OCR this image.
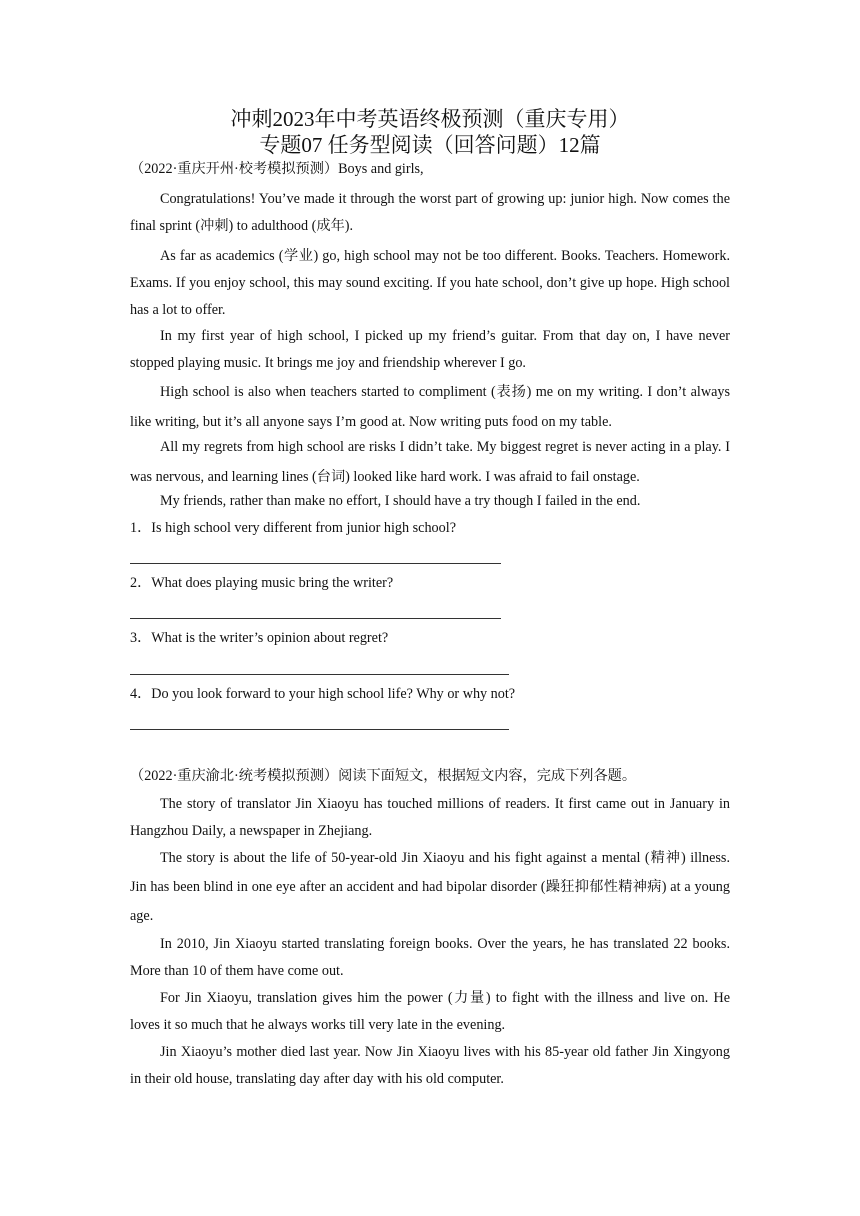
冲刺2023年中考英语终极预测（重庆专用）
专题07 任务型阅读（回答问题）12篇
（2022·重庆开州·校考模拟预测）Boys and girls,
Congratulations! You’ve made it through the worst part of growing up: junior high. Now comes the final sprint (冲刺) to adulthood (成年).
As far as academics (学业) go, high school may not be too different. Books. Teachers. Homework. Exams. If you enjoy school, this may sound exciting. If you hate school, don’t give up hope. High school has a lot to offer.
In my first year of high school, I picked up my friend’s guitar. From that day on, I have never stopped playing music. It brings me joy and friendship wherever I go.
High school is also when teachers started to compliment (表扬) me on my writing. I don’t always like writing, but it’s all anyone says I’m good at. Now writing puts food on my table.
All my regrets from high school are risks I didn’t take. My biggest regret is never acting in a play. I was nervous, and learning lines (台词) looked like hard work. I was afraid to fail onstage.
My friends, rather than make no effort, I should have a try though I failed in the end.
1．Is high school very different from junior high school?
2．What does playing music bring the writer?
3．What is the writer’s opinion about regret?
4．Do you look forward to your high school life? Why or why not?
（2022·重庆渝北·统考模拟预测）阅读下面短文，根据短文内容，完成下列各题。
The story of translator Jin Xiaoyu has touched millions of readers. It first came out in January in Hangzhou Daily, a newspaper in Zhejiang.
The story is about the life of 50-year-old Jin Xiaoyu and his fight against a mental (精神) illness. Jin has been blind in one eye after an accident and had bipolar disorder (躁狂抑郁性精神病) at a young age.
In 2010, Jin Xiaoyu started translating foreign books. Over the years, he has translated 22 books. More than 10 of them have come out.
For Jin Xiaoyu, translation gives him the power (力量) to fight with the illness and live on. He loves it so much that he always works till very late in the evening.
Jin Xiaoyu’s mother died last year. Now Jin Xiaoyu lives with his 85-year old father Jin Xingyong in their old house, translating day after day with his old computer.
